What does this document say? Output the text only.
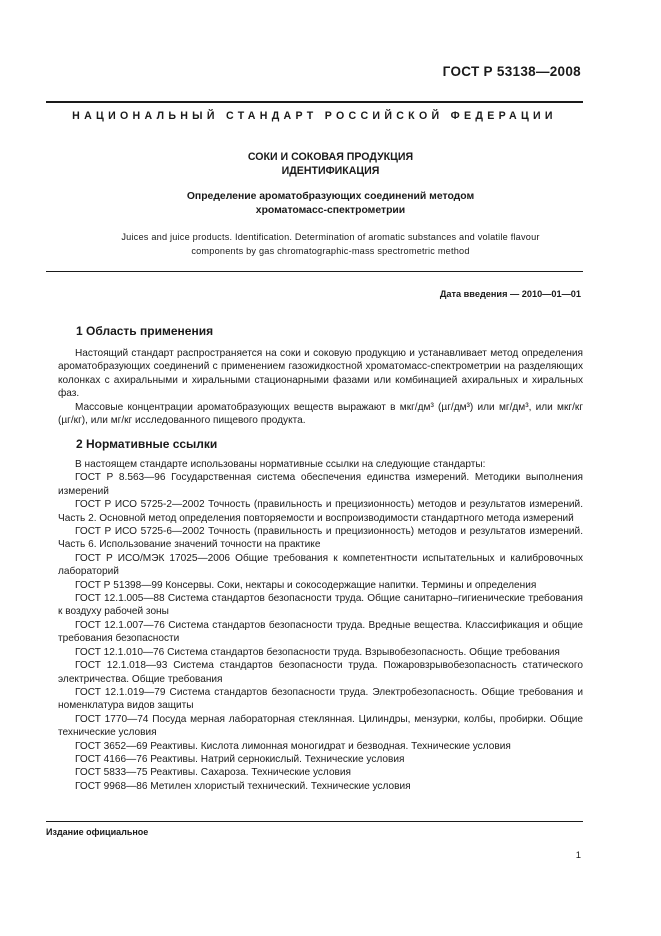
ГОСТ Р 53138—2008
НАЦИОНАЛЬНЫЙ СТАНДАРТ РОССИЙСКОЙ ФЕДЕРАЦИИ
СОКИ И СОКОВАЯ ПРОДУКЦИЯ
ИДЕНТИФИКАЦИЯ
Определение ароматобразующих соединений методом
хроматомасс-спектрометрии
Juices and juice products. Identification. Determination of aromatic substances and volatile flavour
components by gas chromatographic-mass spectrometric method
Дата введения — 2010—01—01
1 Область применения

Настоящий стандарт распространяется на соки и соковую продукцию и устанавливает метод определения ароматобразующих соединений с применением газожидкостной хроматомасс-спектрометрии на разделяющих колонках с ахиральными и хиральными стационарными фазами или комбинацией ахиральных и хиральных фаз.

Массовые концентрации ароматобразующих веществ выражают в мкг/дм³ (µг/дм³) или мг/дм³, или мкг/кг (µг/кг), или мг/кг исследованного пищевого продукта.

2 Нормативные ссылки

В настоящем стандарте использованы нормативные ссылки на следующие стандарты:

ГОСТ Р 8.563—96 Государственная система обеспечения единства измерений. Методики выполнения измерений

ГОСТ Р ИСО 5725-2—2002 Точность (правильность и прецизионность) методов и результатов измерений. Часть 2. Основной метод определения повторяемости и воспроизводимости стандартного метода измерений

ГОСТ Р ИСО 5725-6—2002 Точность (правильность и прецизионность) методов и результатов измерений. Часть 6. Использование значений точности на практике

ГОСТ Р ИСО/МЭК 17025—2006 Общие требования к компетентности испытательных и калибровочных лабораторий

ГОСТ Р 51398—99 Консервы. Соки, нектары и сокосодержащие напитки. Термины и определения

ГОСТ 12.1.005—88 Система стандартов безопасности труда. Общие санитарно–гигиенические требования к воздуху рабочей зоны

ГОСТ 12.1.007—76 Система стандартов безопасности труда. Вредные вещества. Классификация и общие требования безопасности

ГОСТ 12.1.010—76 Система стандартов безопасности труда. Взрывобезопасность. Общие требования

ГОСТ 12.1.018—93 Система стандартов безопасности труда. Пожаровзрывобезопасность статического электричества. Общие требования

ГОСТ 12.1.019—79 Система стандартов безопасности труда. Электробезопасность. Общие требования и номенклатура видов защиты

ГОСТ 1770—74 Посуда мерная лабораторная стеклянная. Цилиндры, мензурки, колбы, пробирки. Общие технические условия

ГОСТ 3652—69 Реактивы. Кислота лимонная моногидрат и безводная. Технические условия

ГОСТ 4166—76 Реактивы. Натрий сернокислый. Технические условия

ГОСТ 5833—75 Реактивы. Сахароза. Технические условия

ГОСТ 9968—86 Метилен хлористый технический. Технические условия

Издание официальное
1
